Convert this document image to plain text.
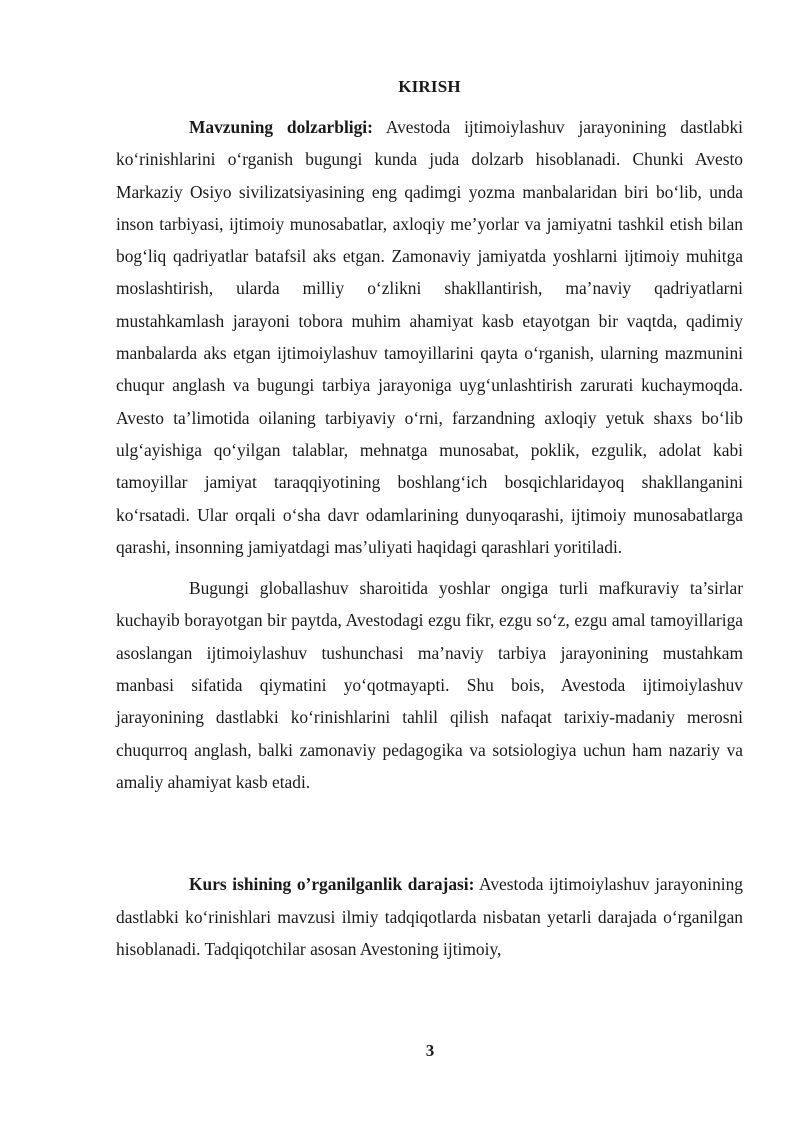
KIRISH

Mavzuning dolzarbligi: Avestoda ijtimoiylashuv jarayonining dastlabki ko‘rinishlarini o‘rganish bugungi kunda juda dolzarb hisoblanadi. Chunki Avesto Markaziy Osiyo sivilizatsiyasining eng qadimgi yozma manbalaridan biri bo‘lib, unda inson tarbiyasi, ijtimoiy munosabatlar, axloqiy me’yorlar va jamiyatni tashkil etish bilan bog‘liq qadriyatlar batafsil aks etgan. Zamonaviy jamiyatda yoshlarni ijtimoiy muhitga moslashtirish, ularda milliy o‘zlikni shakllantirish, ma’naviy qadriyatlarni mustahkamlash jarayoni tobora muhim ahamiyat kasb etayotgan bir vaqtda, qadimiy manbalarda aks etgan ijtimoiylashuv tamoyillarini qayta o‘rganish, ularning mazmunini chuqur anglash va bugungi tarbiya jarayoniga uyg‘unlashtirish zarurati kuchaymoqda. Avesto ta’limotida oilaning tarbiyaviy o‘rni, farzandning axloqiy yetuk shaxs bo‘lib ulg‘ayishiga qo‘yilgan talablar, mehnatga munosabat, poklik, ezgulik, adolat kabi tamoyillar jamiyat taraqqiyotining boshlang‘ich bosqichlaridayoq shakllanganini ko‘rsatadi. Ular orqali o‘sha davr odamlarining dunyoqarashi, ijtimoiy munosabatlarga qarashi, insonning jamiyatdagi mas’uliyati haqidagi qarashlari yoritiladi.

Bugungi globallashuv sharoitida yoshlar ongiga turli mafkuraviy ta’sirlar kuchayib borayotgan bir paytda, Avestodagi ezgu fikr, ezgu so‘z, ezgu amal tamoyillariga asoslangan ijtimoiylashuv tushunchasi ma’naviy tarbiya jarayonining mustahkam manbasi sifatida qiymatini yo‘qotmayapti. Shu bois, Avestoda ijtimoiylashuv jarayonining dastlabki ko‘rinishlarini tahlil qilish nafaqat tarixiy-madaniy merosni chuqurroq anglash, balki zamonaviy pedagogika va sotsiologiya uchun ham nazariy va amaliy ahamiyat kasb etadi.

Kurs ishining o’rganilganlik darajasi: Avestoda ijtimoiylashuv jarayonining dastlabki ko‘rinishlari mavzusi ilmiy tadqiqotlarda nisbatan yetarli darajada o‘rganilgan hisoblanadi. Tadqiqotchilar asosan Avestoning ijtimoiy,

3
